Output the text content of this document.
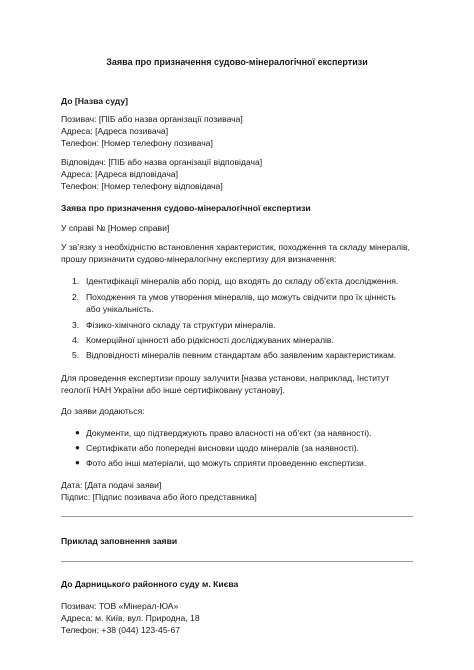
Заява про призначення судово-мінералогічної експертизи
До [Назва суду]
Позивач: [ПІБ або назва організації позивача]
Адреса: [Адреса позивача]
Телефон: [Номер телефону позивача]
Відповідач: [ПІБ або назва організації відповідача]
Адреса: [Адреса відповідача]
Телефон: [Номер телефону відповідача]
Заява про призначення судово-мінералогічної експертизи
У справі № [Номер справи]
У зв’язку з необхідністю встановлення характеристик, походження та складу мінералів,
прошу призначити судово-мінералогічну експертизу для визначення:
1. Ідентифікації мінералів або порід, що входять до складу об’єкта дослідження.
2. Походження та умов утворення мінералів, що можуть свідчити про їх цінність
або унікальність.
3. Фізико-хімічного складу та структури мінералів.
4. Комерційної цінності або рідкісності досліджуваних мінералів.
5. Відповідності мінералів певним стандартам або заявленим характеристикам.
Для проведення експертизи прошу залучити [назва установи, наприклад, Інститут
геології НАН України або інше сертифіковану установу].
До заяви додаються:
● Документи, що підтверджують право власності на об’єкт (за наявності).
● Сертифікати або попередні висновки щодо мінералів (за наявності).
● Фото або інші матеріали, що можуть сприяти проведенню експертизи.
Дата: [Дата подачі заяви]
Підпис: [Підпис позивача або його представника]
Приклад заповнення заяви
До Дарницького районного суду м. Києва
Позивач: ТОВ «Мінерал-ЮА»
Адреса: м. Київ, вул. Природна, 18
Телефон: +38 (044) 123-45-67
